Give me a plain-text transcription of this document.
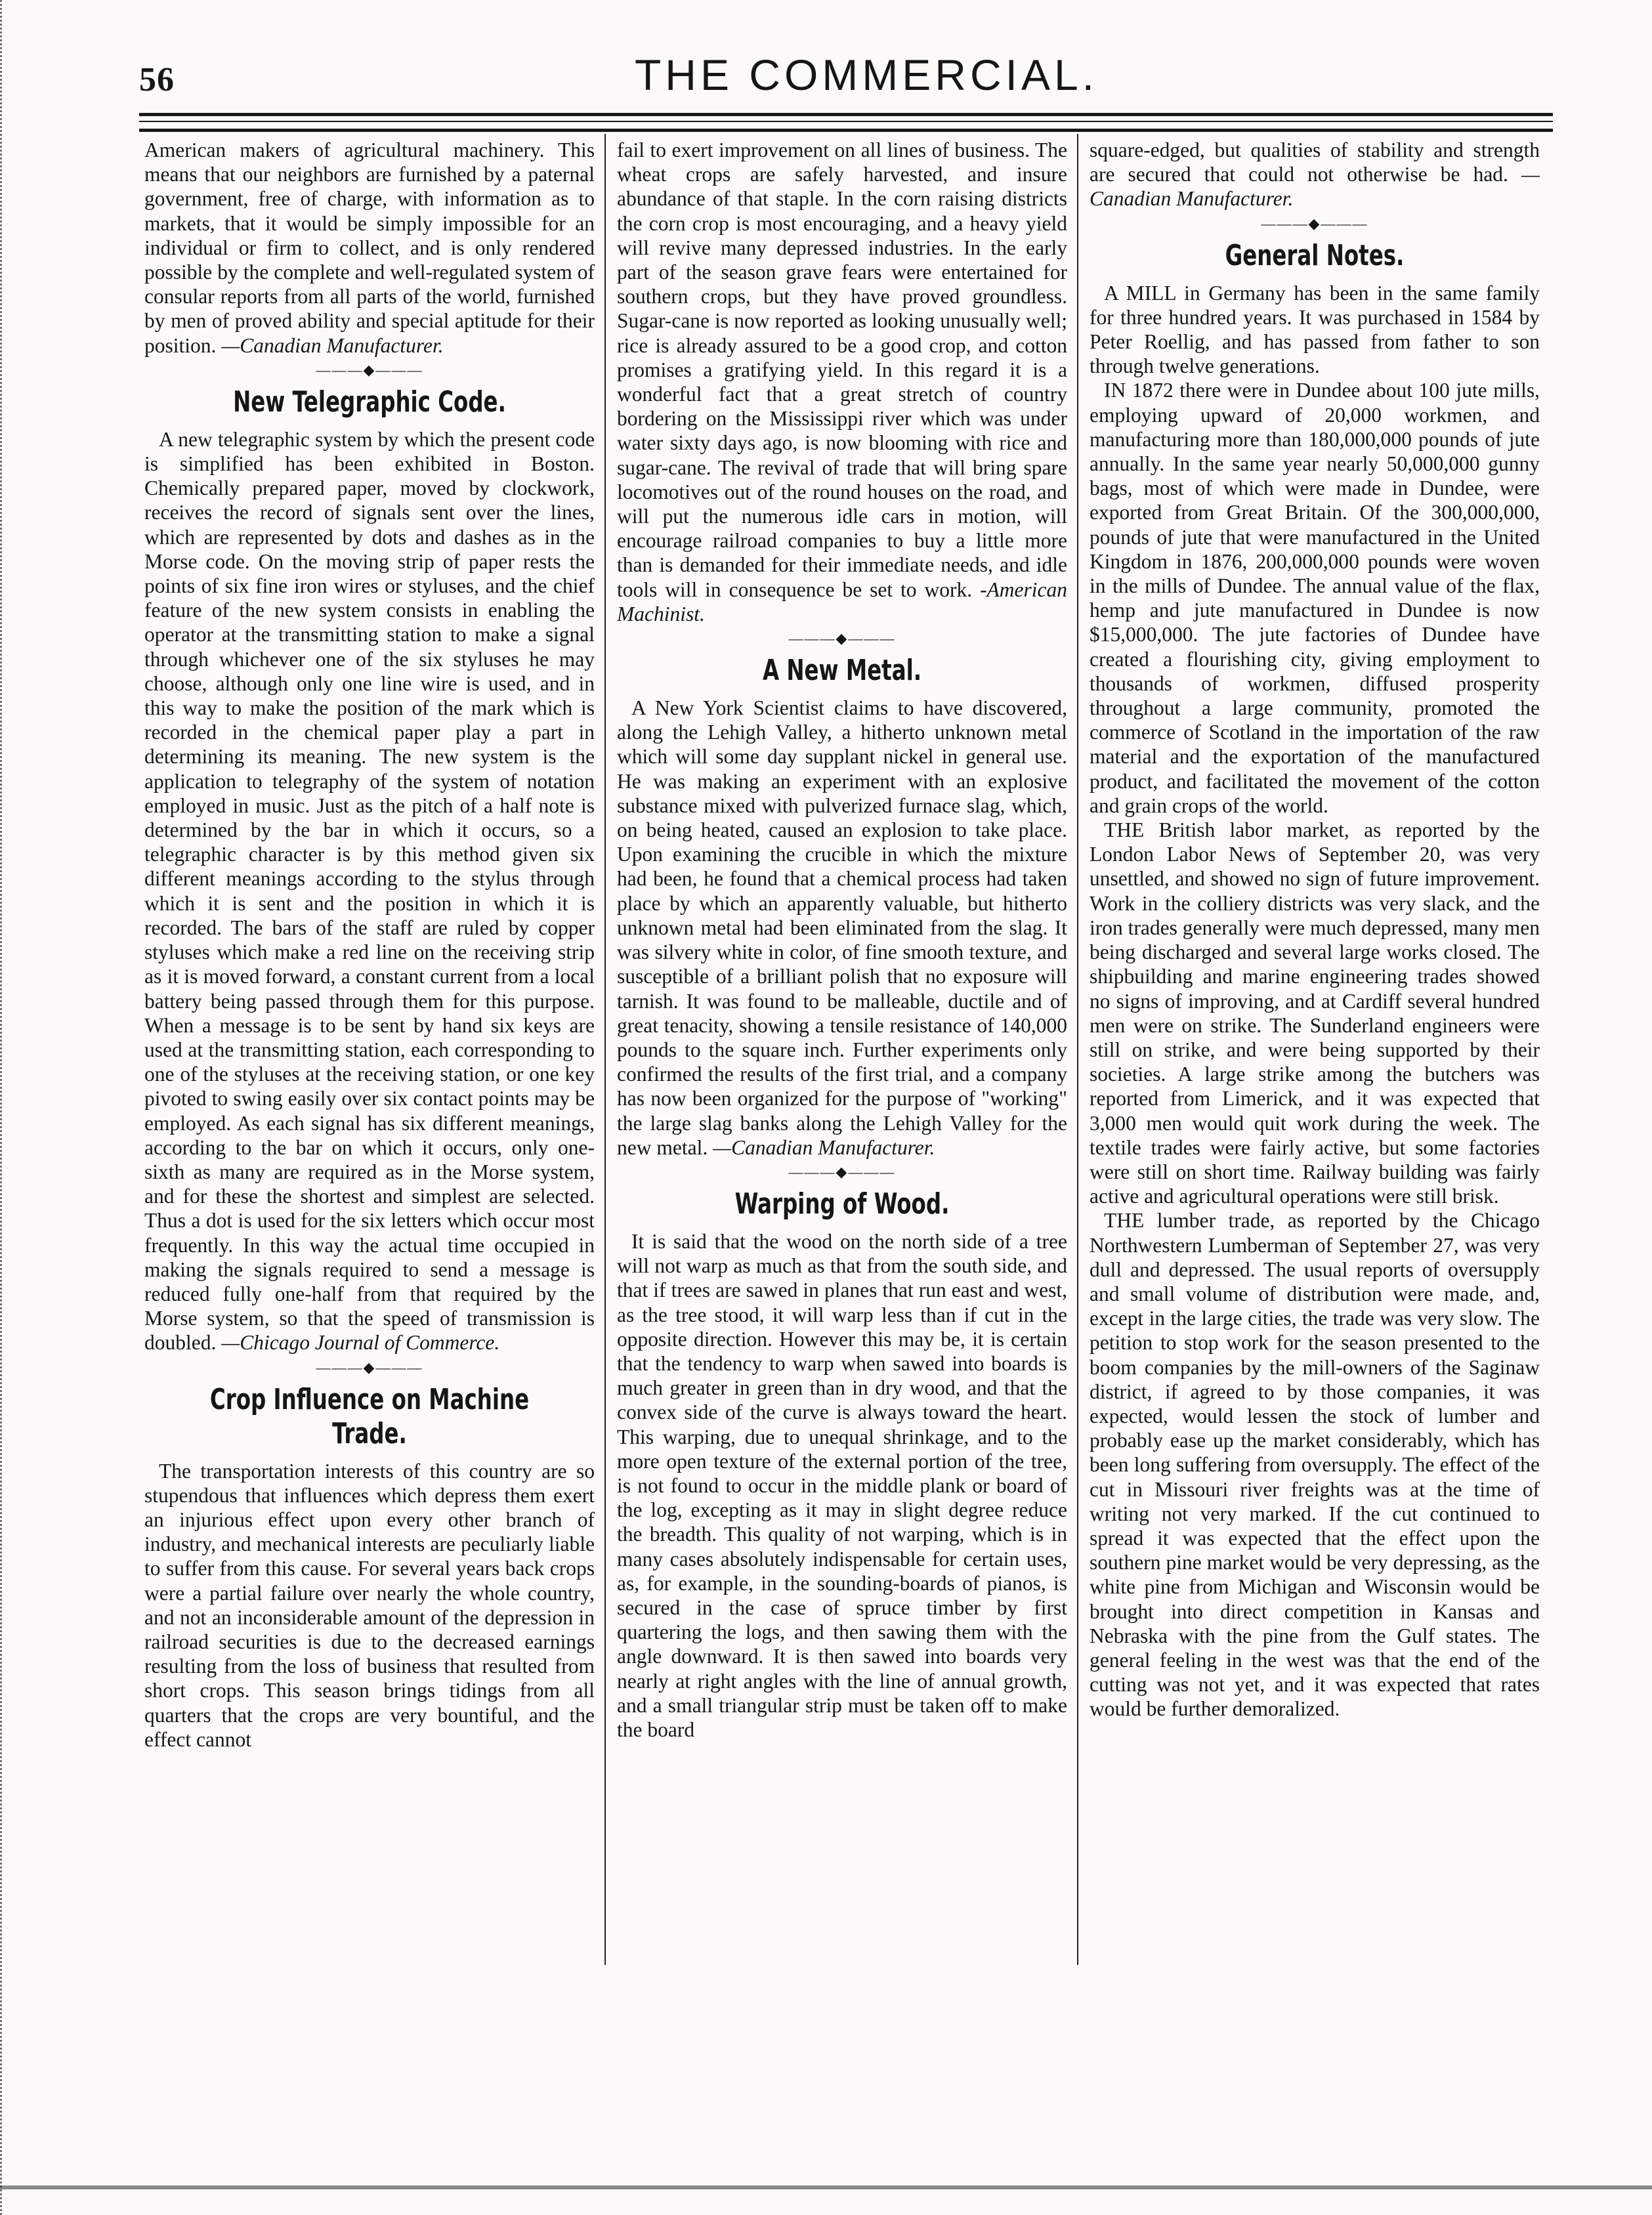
56	THE COMMERCIAL.

American makers of agricultural machinery. This means that our neighbors are furnished by a paternal government, free of charge, with information as to markets, that it would be simply impossible for an individual or firm to collect, and is only rendered possible by the complete and well-regulated system of consular reports from all parts of the world, furnished by men of proved ability and special aptitude for their position. —Canadian Manufacturer.

———◆———
New Telegraphic Code.

A new telegraphic system by which the present code is simplified has been exhibited in Boston. Chemically prepared paper, moved by clockwork, receives the record of signals sent over the lines, which are represented by dots and dashes as in the Morse code. On the moving strip of paper rests the points of six fine iron wires or styluses, and the chief feature of the new system consists in enabling the operator at the transmitting station to make a signal through whichever one of the six styluses he may choose, although only one line wire is used, and in this way to make the position of the mark which is recorded in the chemical paper play a part in determining its meaning. The new system is the application to telegraphy of the system of notation employed in music. Just as the pitch of a half note is determined by the bar in which it occurs, so a telegraphic character is by this method given six different meanings according to the stylus through which it is sent and the position in which it is recorded. The bars of the staff are ruled by copper styluses which make a red line on the receiving strip as it is moved forward, a constant current from a local battery being passed through them for this purpose. When a message is to be sent by hand six keys are used at the transmitting station, each corresponding to one of the styluses at the receiving station, or one key pivoted to swing easily over six contact points may be employed. As each signal has six different meanings, according to the bar on which it occurs, only one-sixth as many are required as in the Morse system, and for these the shortest and simplest are selected. Thus a dot is used for the six letters which occur most frequently. In this way the actual time occupied in making the signals required to send a message is reduced fully one-half from that required by the Morse system, so that the speed of transmission is doubled. —Chicago Journal of Commerce.

———◆———
Crop Influence on Machine Trade.

The transportation interests of this country are so stupendous that influences which depress them exert an injurious effect upon every other branch of industry, and mechanical interests are peculiarly liable to suffer from this cause. For several years back crops were a partial failure over nearly the whole country, and not an inconsiderable amount of the depression in railroad securities is due to the decreased earnings resulting from the loss of business that resulted from short crops. This season brings tidings from all quarters that the crops are very bountiful, and the effect cannot

fail to exert improvement on all lines of business. The wheat crops are safely harvested, and insure abundance of that staple. In the corn raising districts the corn crop is most encouraging, and a heavy yield will revive many depressed industries. In the early part of the season grave fears were entertained for southern crops, but they have proved groundless. Sugar-cane is now reported as looking unusually well; rice is already assured to be a good crop, and cotton promises a gratifying yield. In this regard it is a wonderful fact that a great stretch of country bordering on the Mississippi river which was under water sixty days ago, is now blooming with rice and sugar-cane. The revival of trade that will bring spare locomotives out of the round houses on the road, and will put the numerous idle cars in motion, will encourage railroad companies to buy a little more than is demanded for their immediate needs, and idle tools will in consequence be set to work. -American Machinist.

———◆———
A New Metal.

A New York Scientist claims to have discovered, along the Lehigh Valley, a hitherto unknown metal which will some day supplant nickel in general use. He was making an experiment with an explosive substance mixed with pulverized furnace slag, which, on being heated, caused an explosion to take place. Upon examining the crucible in which the mixture had been, he found that a chemical process had taken place by which an apparently valuable, but hitherto unknown metal had been eliminated from the slag. It was silvery white in color, of fine smooth texture, and susceptible of a brilliant polish that no exposure will tarnish. It was found to be malleable, ductile and of great tenacity, showing a tensile resistance of 140,000 pounds to the square inch. Further experiments only confirmed the results of the first trial, and a company has now been organized for the purpose of "working" the large slag banks along the Lehigh Valley for the new metal. —Canadian Manufacturer.

———◆———
Warping of Wood.

It is said that the wood on the north side of a tree will not warp as much as that from the south side, and that if trees are sawed in planes that run east and west, as the tree stood, it will warp less than if cut in the opposite direction. However this may be, it is certain that the tendency to warp when sawed into boards is much greater in green than in dry wood, and that the convex side of the curve is always toward the heart. This warping, due to unequal shrinkage, and to the more open texture of the external portion of the tree, is not found to occur in the middle plank or board of the log, excepting as it may in slight degree reduce the breadth. This quality of not warping, which is in many cases absolutely indispensable for certain uses, as, for example, in the sounding-boards of pianos, is secured in the case of spruce timber by first quartering the logs, and then sawing them with the angle downward. It is then sawed into boards very nearly at right angles with the line of annual growth, and a small triangular strip must be taken off to make the board

square-edged, but qualities of stability and strength are secured that could not otherwise be had. —Canadian Manufacturer.

———◆———
General Notes.

A MILL in Germany has been in the same family for three hundred years. It was purchased in 1584 by Peter Roellig, and has passed from father to son through twelve generations.

IN 1872 there were in Dundee about 100 jute mills, employing upward of 20,000 workmen, and manufacturing more than 180,000,000 pounds of jute annually. In the same year nearly 50,000,000 gunny bags, most of which were made in Dundee, were exported from Great Britain. Of the 300,000,000, pounds of jute that were manufactured in the United Kingdom in 1876, 200,000,000 pounds were woven in the mills of Dundee. The annual value of the flax, hemp and jute manufactured in Dundee is now $15,000,000. The jute factories of Dundee have created a flourishing city, giving employment to thousands of workmen, diffused prosperity throughout a large community, promoted the commerce of Scotland in the importation of the raw material and the exportation of the manufactured product, and facilitated the movement of the cotton and grain crops of the world.

THE British labor market, as reported by the London Labor News of September 20, was very unsettled, and showed no sign of future improvement. Work in the colliery districts was very slack, and the iron trades generally were much depressed, many men being discharged and several large works closed. The shipbuilding and marine engineering trades showed no signs of improving, and at Cardiff several hundred men were on strike. The Sunderland engineers were still on strike, and were being supported by their societies. A large strike among the butchers was reported from Limerick, and it was expected that 3,000 men would quit work during the week. The textile trades were fairly active, but some factories were still on short time. Railway building was fairly active and agricultural operations were still brisk.

THE lumber trade, as reported by the Chicago Northwestern Lumberman of September 27, was very dull and depressed. The usual reports of oversupply and small volume of distribution were made, and, except in the large cities, the trade was very slow. The petition to stop work for the season presented to the boom companies by the mill-owners of the Saginaw district, if agreed to by those companies, it was expected, would lessen the stock of lumber and probably ease up the market considerably, which has been long suffering from oversupply. The effect of the cut in Missouri river freights was at the time of writing not very marked. If the cut continued to spread it was expected that the effect upon the southern pine market would be very depressing, as the white pine from Michigan and Wisconsin would be brought into direct competition in Kansas and Nebraska with the pine from the Gulf states. The general feeling in the west was that the end of the cutting was not yet, and it was expected that rates would be further demoralized.
